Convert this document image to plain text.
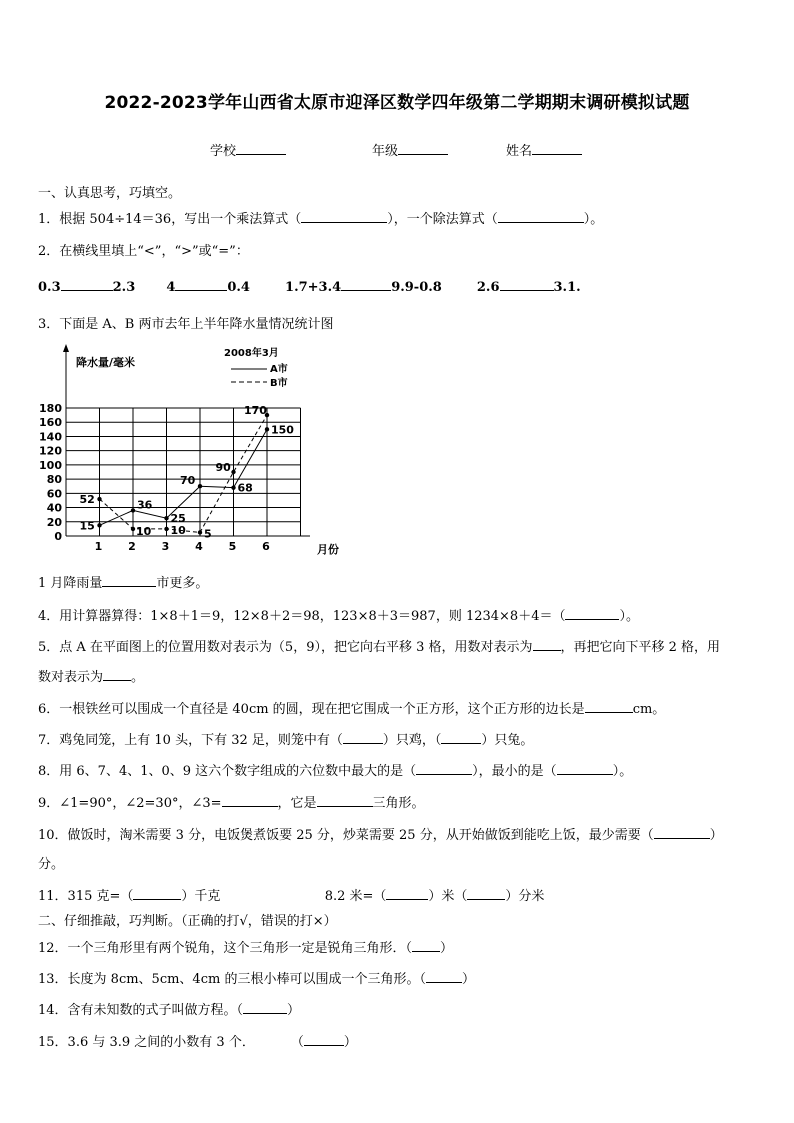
2022-2023学年山西省太原市迎泽区数学四年级第二学期期末调研模拟试题
学校	年级	姓名
一、认真思考，巧填空。
1．根据 504÷14＝36，写出一个乘法算式（	），一个除法算式（	）。
2．在横线里填上“<”，“>”或“=”：
0.3	2.3 4	0.4	1.7+3.4	9.9-0.8	2.6	3.1.
3．下面是 A、B 两市去年上半年降水量情况统计图
降水量/毫米
2008年3月
A市
B市
月份
0
20
40
60
80
100
120
140
160
180
1 2 3 4 5 6
15
36
25
70
68
150
52
10 10 5
90
170
1 月降雨量	市更多。
4．用计算器算得：1×8＋1＝9，12×8＋2＝98，123×8＋3＝987，则 1234×8＋4＝（	）。
5．点 A 在平面图上的位置用数对表示为（5，9），把它向右平移 3 格，用数对表示为 ，再把它向下平移 2 格，用
数对表示为 。
6．一根铁丝可以围成一个直径是 40cm 的圆，现在把它围成一个正方形，这个正方形的边长是	cm。
7．鸡兔同笼，上有 10 头，下有 32 足，则笼中有（	）只鸡，（	）只兔。
8．用 6、7、4、1、0、9 这六个数字组成的六位数中最大的是（	），最小的是（	）。
9．∠1=90°，∠2=30°，∠3=	，它是	三角形。
10．做饭时，淘米需要 3 分，电饭煲煮饭要 25 分，炒菜需要 25 分，从开始做饭到能吃上饭，最少需要（	）
分。
11．315 克=（	）千克	8.2 米=（	）米（	）分米
二、仔细推敲，巧判断。（正确的打√，错误的打×）
12．一个三角形里有两个锐角，这个三角形一定是锐角三角形．（ ）
13．长度为 8cm、5cm、4cm 的三根小棒可以围成一个三角形。（	）
14．含有未知数的式子叫做方程。（	）
15．3.6 与 3.9 之间的小数有 3 个．	（	）
